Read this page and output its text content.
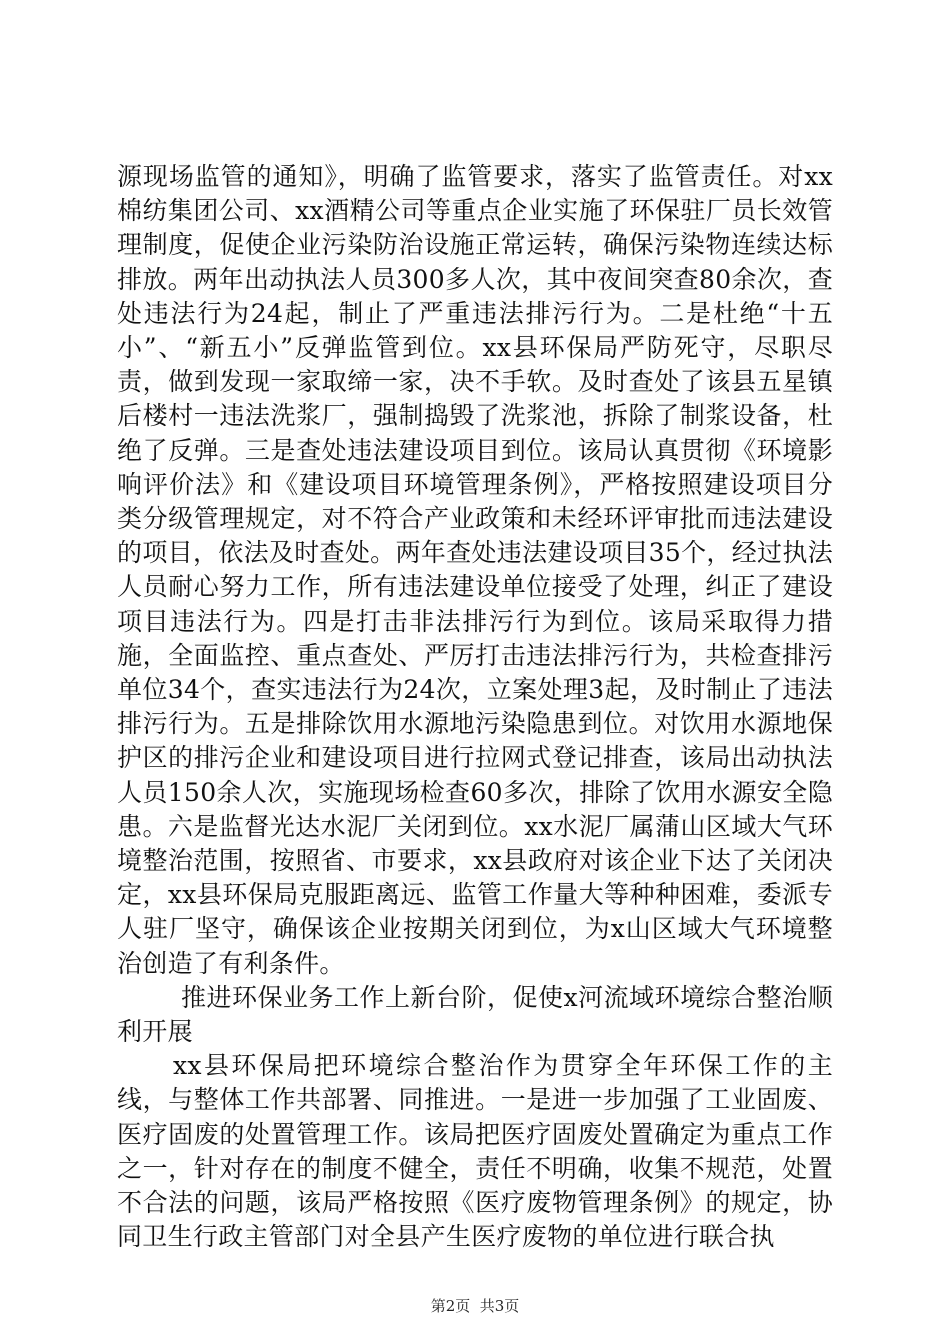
源现场监管的通知》，明确了监管要求，落实了监管责任。对xx棉纺集团公司、xx酒精公司等重点企业实施了环保驻厂员长效管理制度，促使企业污染防治设施正常运转，确保污染物连续达标排放。两年出动执法人员300多人次，其中夜间突查80余次，查处违法行为24起，制止了严重违法排污行为。二是杜绝“十五小”、“新五小”反弹监管到位。xx县环保局严防死守，尽职尽责，做到发现一家取缔一家，决不手软。及时查处了该县五星镇后楼村一违法洗浆厂，强制捣毁了洗浆池，拆除了制浆设备，杜绝了反弹。三是查处违法建设项目到位。该局认真贯彻《环境影响评价法》和《建设项目环境管理条例》，严格按照建设项目分类分级管理规定，对不符合产业政策和未经环评审批而违法建设的项目，依法及时查处。两年查处违法建设项目35个，经过执法人员耐心努力工作，所有违法建设单位接受了处理，纠正了建设项目违法行为。四是打击非法排污行为到位。该局采取得力措施，全面监控、重点查处、严厉打击违法排污行为，共检查排污单位34个，查实违法行为24次，立案处理3起，及时制止了违法排污行为。五是排除饮用水源地污染隐患到位。对饮用水源地保护区的排污企业和建设项目进行拉网式登记排查，该局出动执法人员150余人次，实施现场检查60多次，排除了饮用水源安全隐患。六是监督光达水泥厂关闭到位。xx水泥厂属蒲山区域大气环境整治范围，按照省、市要求，xx县政府对该企业下达了关闭决定，xx县环保局克服距离远、监管工作量大等种种困难，委派专人驻厂坚守，确保该企业按期关闭到位，为x山区域大气环境整治创造了有利条件。

推进环保业务工作上新台阶，促使x河流域环境综合整治顺利开展

xx县环保局把环境综合整治作为贯穿全年环保工作的主线，与整体工作共部署、同推进。一是进一步加强了工业固废、医疗固废的处置管理工作。该局把医疗固废处置确定为重点工作之一，针对存在的制度不健全，责任不明确，收集不规范，处置不合法的问题，该局严格按照《医疗废物管理条例》的规定，协同卫生行政主管部门对全县产生医疗废物的单位进行联合执

第2页  共3页
